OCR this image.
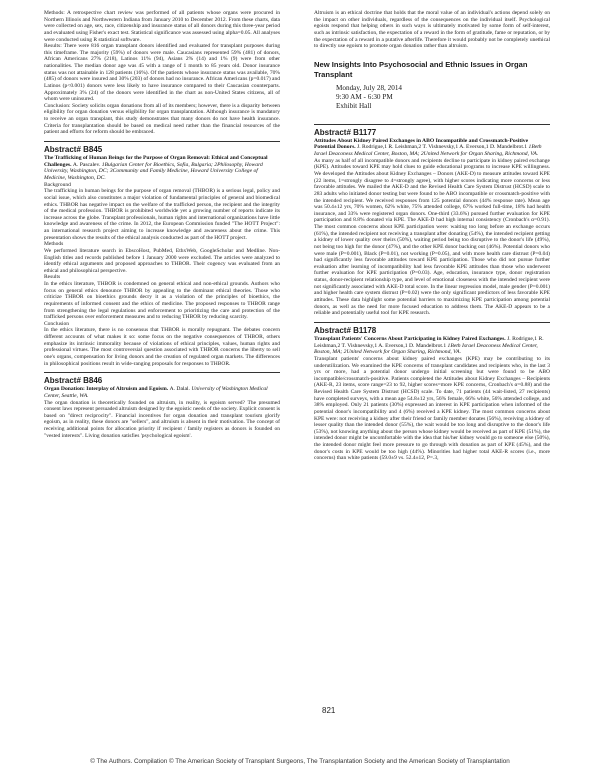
Methods: A retrospective chart review was performed of all patients whose organs were procured in Northern Illinois and Northwestern Indiana from January 2010 to December 2012. From these charts, data were collected on age, sex, race, citizenship and insurance status of all donors during this three-year period and evaluated using Fisher's exact test. Statistical significance was assessed using alpha=0.05. All analyses were conducted using R statistical software.

Results: There were 816 organ transplant donors identified and evaluated for transplant purposes during this timeframe. The majority (59%) of donors were male. Caucasians represented 59% (481) of donors, African Americans 27% (218), Latinos 11% (94), Asians 2% (14) and 1% (9) were from other nationalities. The median donor age was 45 with a range of 1 month to 85 years old. Donor insurance status was not attainable in 128 patients (16%). Of the patients whose insurance status was available, 70% (485) of donors were insured and 30% (203) of donors had no insurance. African Americans (p=0.017) and Latinos (p<0.001) donors were less likely to have insurance compared to their Caucasian counterparts. Approximately 3% (24) of the donors were identified in the chart as non-United States citizens, all of whom were uninsured.

Conclusion: Society solicits organ donations from all of its members; however, there is a disparity between eligibility for organ donation versus eligibility for organ transplantation. Although insurance is mandatory to receive an organ transplant, this study demonstrates that many donors do not have health insurance. Criteria for transplantation should be based on medical need rather than the financial resources of the patient and efforts for reform should be embraced.

Abstract# B845

The Trafficking of Human Beings for the Purpose of Organ Removal: Ethical and Conceptual Challenges. A. Pascalev. 1Bulgarian Center for Bioethics, Sofia, Bulgaria; 2Philosophy, Howard University, Washington, DC; 3Community and Family Medicine, Howard University College of Medicine, Washington, DC.

Background

The trafficking in human beings for the purpose of organ removal (THBOR) is a serious legal, policy and social issue, which also constitutes a major violation of fundamental principles of general and biomedical ethics. THBOR has negative impact on the welfare of the trafficked person, the recipient and the integrity of the medical profession. THBOR is prohibited worldwide yet a growing number of reports indicate its increase across the globe. Transplant professionals, human rights and international organizations have little knowledge and awareness of the crime. In 2012, the European Commission funded "The HOTT Project": an international research project aiming to increase knowledge and awareness about the crime. This presentation shows the results of the ethical analysis conducted as part of the HOTT project.

Methods

We performed literature search in EbscoHost, PubMed, EthxWeb, GoogleScholar and Medline. Non-English titles and records published before 1 January 2000 were excluded. The articles were analyzed to identify ethical arguments and proposed approaches to THBOR. Their cogency was evaluated from an ethical and philosophical perspective.

Results

In the ethics literature, THBOR is condemned on general ethical and non-ethical grounds. Authors who focus on general ethics denounce THBOR by appealing to the dominant ethical theories. Those who criticize THBOR on bioethics grounds decry it as a violation of the principles of bioethics, the requirements of informed consent and the ethics of medicine. The proposed responses to THBOR range from strengthening the legal regulations and enforcement to prioritizing the care and protection of the trafficked persons over enforcement measures and to reducing THBOR by reducing scarcity.

Conclusion

In the ethics literature, there is no consensus that THBOR is morally repugnant. The debates concern different accounts of what makes it so: some focus on the negative consequences of THBOR, others emphasize its intrinsic immorality because of violations of ethical principles, values, human rights and professional virtues. The most controversial question associated with THBOR concerns the liberty to sell one's organs, compensation for living donors and the creation of regulated organ markets. The differences in philosophical positions result in wide-ranging proposals for responses to THBOR.

Abstract# B846

Organ Donation: Interplay of Altruism and Egoism. A. Dalal. University of Washington Medical Center, Seattle, WA.

The organ donation is theoretically founded on altruism, in reality, is egoism served? The presumed consent laws represent persuaded altruism designed by the egoistic needs of the society. Explicit consent is based on "direct reciprocity". Financial incentives for organ donation and transplant tourism glorify egoism, as in reality, these donors are "sellers", and altruism is absent in their motivation. The concept of receiving additional points for allocation priority if recipient / family registers as donors is founded on "vested interests". Living donation satisfies 'psychological egoism'.

Altruism is an ethical doctrine that holds that the moral value of an individual's actions depend solely on the impact on other individuals, regardless of the consequences on the individual itself. Psychological egoists respond that helping others in such ways is ultimately motivated by some form of self-interest, such as intrinsic satisfaction, the expectation of a reward in the form of gratitude, fame or reputation, or by the expectation of a reward in a putative afterlife. Therefore it would probably not be completely unethical to directly use egoism to promote organ donation rather than altruism.

New Insights Into Psychosocial and Ethnic Issues in Organ Transplant

Monday, July 28, 2014

9:30 AM - 6:30 PM

Exhibit Hall

Abstract# B1177

Attitudes About Kidney Paired Exchanges in ABO Incompatible and Crossmatch-Positive Potential Donors. J. Rodrigue,1 R. Leishman,2 T. Vishnevsky,1 A. Everson,1 D. Mandelbrot.1 1Beth Israel Deaconess Medical Center, Boston, MA; 2United Network for Organ Sharing, Richmond, VA.

As many as half of all incompatible donors and recipients decline to participate in kidney paired exchange (KPE). Attitudes toward KPE may hold clues to guide educational programs to increase KPE willingness. We developed the Attitudes about Kidney Exchanges – Donors (AKE-D) to measure attitudes toward KPE (22 items, 1=strongly disagree to 4=strongly agree), with higher scores indicating more concerns or less favorable attitudes. We mailed the AKE-D and the Revised Health Care System Distrust (HCSD) scale to 283 adults who initiated donor testing but were found to be ABO incompatible or crossmatch-positive with the intended recipient. We received responses from 125 potential donors (44% response rate). Mean age was 50.4±12 yrs, 70% women, 62% white, 75% attended college, 67% worked full-time, 18% had health insurance, and 33% were registered organ donors. One-third (33.6%) pursued further evaluation for KPE participation and 8.8% donated via KPE. The AKE-D had high internal consistency (Cronbach's α=0.91). The most common concerns about KPE participation were: waiting too long before an exchange occurs (61%), the intended recipient not receiving a transplant after donating (54%), the intended recipient getting a kidney of lower quality over theirs (50%), waiting period being too disruptive to the donor's life (49%), not being too high for the donor (47%), and the other KPE donor backing out (46%). Potential donors who were male (P=0.001), Black (P=0.01), not working (P=0.05), and with more health care distrust (P=0.04) had significantly less favorable attitudes toward KPE participation. Those who did not pursue further evaluation after learning of incompatibility had less favorable KPE attitudes than those who underwent further evaluation for KPE participation (P=0.03). Age, education, insurance type, donor registration status, donor-recipient relationship type, and level of emotional closeness with the intended recipient were not significantly associated with AKE-D total score. In the linear regression model, male gender (P=0.001) and higher health care system distrust (P=0.02) were the only significant predictors of less favorable KPE attitudes. These data highlight some potential barriers to maximizing KPE participation among potential donors, as well as the need for more focused education to address them. The AKE-D appears to be a reliable and potentially useful tool for KPE research.

Abstract# B1178

Transplant Patients' Concerns About Participating in Kidney Paired Exchanges. J. Rodrigue,1 R. Leishman,2 T. Vishnevsky,1 A. Everson,1 D. Mandelbrot.1 1Beth Israel Deaconess Medical Center, Boston, MA; 2United Network for Organ Sharing, Richmond, VA.

Transplant patients' concerns about kidney paired exchanges (KPE) may be contributing to its underutilization. We examined the KPE concerns of transplant candidates and recipients who, in the last 3 yrs or more, had a potential donor undergo initial screening but were found to be ABO incompatible/crossmatch-positive. Patients completed the Attitudes about Kidney Exchanges – Recipients (AKE-R, 23 items, score range=23 to 92, higher scores=more KPE concerns, Cronbach's α=0.88) and the Revised Health Care System Distrust (HCSD) scale. To date, 71 patients (44 wait-listed, 27 recipients) have completed surveys, with a mean age 54.8±12 yrs, 56% female, 66% white, 56% attended college, and 38% employed. Only 21 patients (30%) expressed an interest in KPE participation when informed of the potential donor's incompatibility and 4 (6%) received a KPE kidney. The most common concerns about KPE were: not receiving a kidney after their friend or family member donates (56%), receiving a kidney of lesser quality than the intended donor (55%), the wait would be too long and disruptive to the donor's life (53%), not knowing anything about the person whose kidney would be received as part of KPE (51%), the intended donor might be uncomfortable with the idea that his/her kidney would go to someone else (50%), the intended donor might feel more pressure to go through with donation as part of KPE (45%), and the donor's costs in KPE would be too high (44%). Minorities had higher total AKE-R scores (i.e., more concerns) than white patients (59.0±9 vs. 52.4±12, P=.3,

821
© The Authors. Compilation © The American Society of Transplant Surgeons, The Transplantation Society and the American Society of Transplantation
